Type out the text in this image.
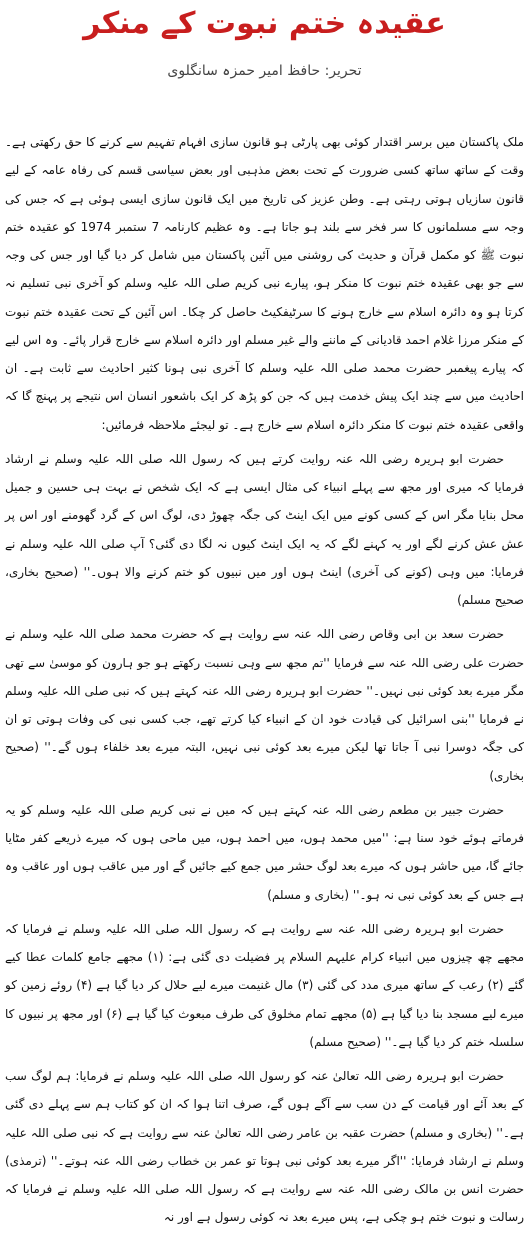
عقیدہ ختم نبوت کے منکر
تحریر: حافظ امیر حمزہ سانگلوی

ملک پاکستان میں برسر اقتدار کوئی بھی پارٹی ہو قانون سازی افہام تفہیم سے کرنے کا حق رکھتی ہے۔ وقت کے ساتھ ساتھ کسی ضرورت کے تحت بعض مذہبی اور بعض سیاسی قسم کی رفاہ عامہ کے لیے قانون سازیاں ہوتی رہتی ہے۔ وطن عزیز کی تاریخ میں ایک قانون سازی ایسی ہوئی ہے کہ جس کی وجہ سے مسلمانوں کا سر فخر سے بلند ہو جاتا ہے۔ وہ عظیم کارنامہ 7 ستمبر 1974 کو عقیدہ ختم نبوت ﷺ کو مکمل قرآن و حدیث کی روشنی میں آئین پاکستان میں شامل کر دیا گیا اور جس کی وجہ سے جو بھی عقیدہ ختم نبوت کا منکر ہو، پیارے نبی کریم صلی اللہ علیہ وسلم کو آخری نبی تسلیم نہ کرتا ہو وہ دائرہ اسلام سے خارج ہونے کا سرٹیفکیٹ حاصل کر چکا۔ اس آئین کے تحت عقیدہ ختم نبوت کے منکر مرزا غلام احمد قادیانی کے ماننے والے غیر مسلم اور دائرہ اسلام سے خارج قرار پائے۔ وہ اس لیے کہ پیارے پیغمبر حضرت محمد صلی اللہ علیہ وسلم کا آخری نبی ہونا کثیر احادیث سے ثابت ہے۔ ان احادیث میں سے چند ایک پیش خدمت ہیں کہ جن کو پڑھ کر ایک باشعور انسان اس نتیجے پر پہنچ گا کہ واقعی عقیدہ ختم نبوت کا منکر دائرہ اسلام سے خارج ہے۔ تو لیجئے ملاحظہ فرمائیں:

حضرت ابو ہریرہ رضی اللہ عنہ روایت کرتے ہیں کہ رسول اللہ صلی اللہ علیہ وسلم نے ارشاد فرمایا کہ میری اور مجھ سے پہلے انبیاء کی مثال ایسی ہے کہ ایک شخص نے بہت ہی حسین و جمیل محل بنایا مگر اس کے کسی کونے میں ایک اینٹ کی جگہ چھوڑ دی، لوگ اس کے گرد گھومنے اور اس پر عش عش کرنے لگے اور یہ کہنے لگے کہ یہ ایک اینٹ کیوں نہ لگا دی گئی؟ آپ صلی اللہ علیہ وسلم نے فرمایا: میں وہی (کونے کی آخری) اینٹ ہوں اور میں نبیوں کو ختم کرنے والا ہوں۔'' (صحیح بخاری، صحیح مسلم)

حضرت سعد بن ابی وقاص رضی اللہ عنہ سے روایت ہے کہ حضرت محمد صلی اللہ علیہ وسلم نے حضرت علی رضی اللہ عنہ سے فرمایا ''تم مجھ سے وہی نسبت رکھتے ہو جو ہارون کو موسیٰ سے تھی مگر میرے بعد کوئی نبی نہیں۔'' حضرت ابو ہریرہ رضی اللہ عنہ کہتے ہیں کہ نبی صلی اللہ علیہ وسلم نے فرمایا ''بنی اسرائیل کی قیادت خود ان کے انبیاء کیا کرتے تھے، جب کسی نبی کی وفات ہوتی تو ان کی جگہ دوسرا نبی آ جاتا تھا لیکن میرے بعد کوئی نبی نہیں، البتہ میرے بعد خلفاء ہوں گے۔'' (صحیح بخاری)

حضرت جبیر بن مطعم رضی اللہ عنہ کہتے ہیں کہ میں نے نبی کریم صلی اللہ علیہ وسلم کو یہ فرماتے ہوئے خود سنا ہے: ''میں محمد ہوں، میں احمد ہوں، میں ماحی ہوں کہ میرے ذریعے کفر مٹایا جائے گا، میں حاشر ہوں کہ میرے بعد لوگ حشر میں جمع کیے جائیں گے اور میں عاقب ہوں اور عاقب وہ ہے جس کے بعد کوئی نبی نہ ہو۔'' (بخاری و مسلم)

حضرت ابو ہریرہ رضی اللہ عنہ سے روایت ہے کہ رسول اللہ صلی اللہ علیہ وسلم نے فرمایا کہ مجھے چھ چیزوں میں انبیاء کرام علیہم السلام پر فضیلت دی گئی ہے: (۱) مجھے جامع کلمات عطا کیے گئے (۲) رعب کے ساتھ میری مدد کی گئی (۳) مال غنیمت میرے لیے حلال کر دیا گیا ہے (۴) روئے زمین کو میرے لیے مسجد بنا دیا گیا ہے (۵) مجھے تمام مخلوق کی طرف مبعوث کیا گیا ہے (۶) اور مجھ پر نبیوں کا سلسلہ ختم کر دیا گیا ہے۔'' (صحیح مسلم)

حضرت ابو ہریرہ رضی اللہ تعالیٰ عنہ کو رسول اللہ صلی اللہ علیہ وسلم نے فرمایا: ہم لوگ سب کے بعد آئے اور قیامت کے دن سب سے آگے ہوں گے، صرف اتنا ہوا کہ ان کو کتاب ہم سے پہلے دی گئی ہے۔'' (بخاری و مسلم) حضرت عقبہ بن عامر رضی اللہ تعالیٰ عنہ سے روایت ہے کہ نبی صلی اللہ علیہ وسلم نے ارشاد فرمایا: ''اگر میرے بعد کوئی نبی ہوتا تو عمر بن خطاب رضی اللہ عنہ ہوتے۔'' (ترمذی) حضرت انس بن مالک رضی اللہ عنہ سے روایت ہے کہ رسول اللہ صلی اللہ علیہ وسلم نے فرمایا کہ رسالت و نبوت ختم ہو چکی ہے، پس میرے بعد نہ کوئی رسول ہے اور نہ
